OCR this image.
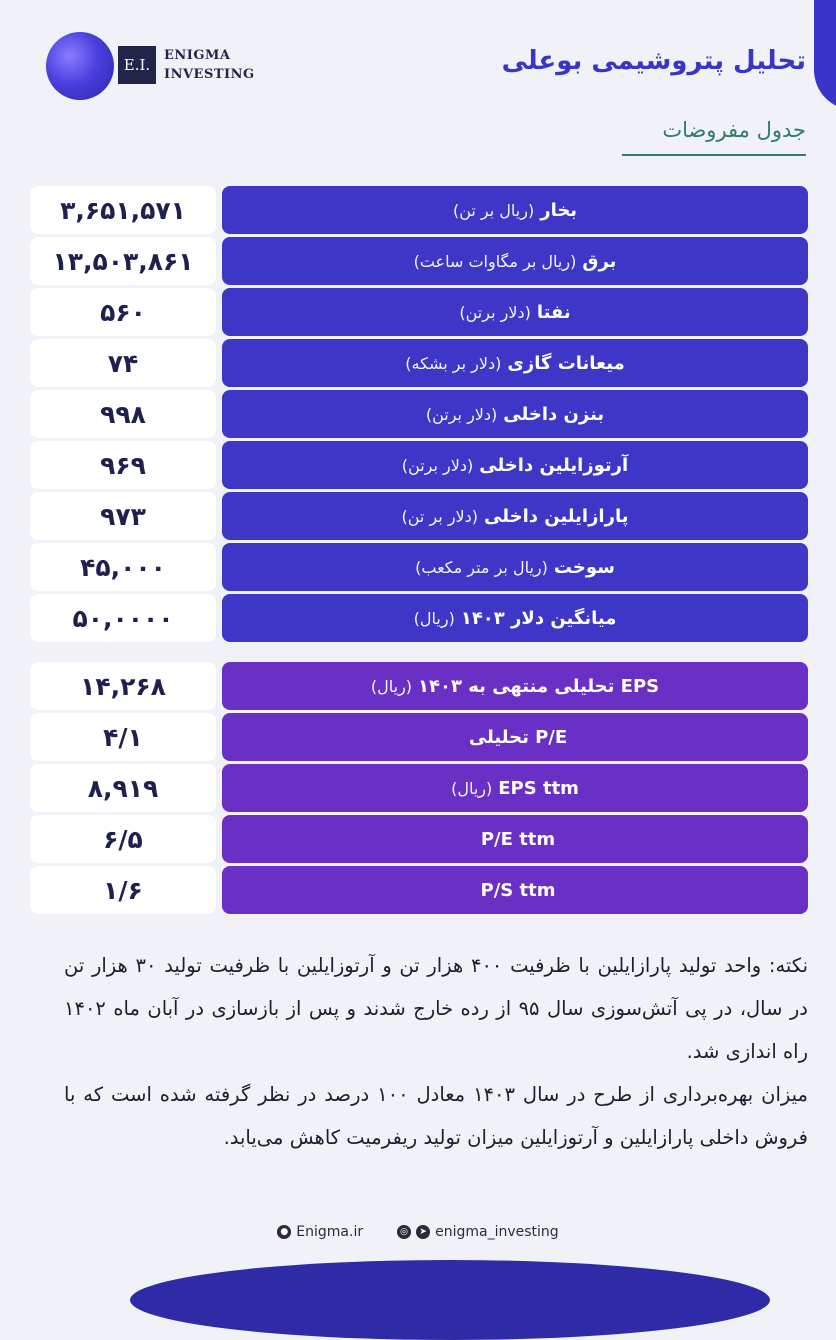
E.I.
ENIGMA
INVESTING	تحلیل پتروشیمی بوعلی
جدول مفروضات
۳,۶۵۱,۵۷۱	بخار
(ریال بر تن)
۱۳,۵۰۳,۸۶۱	برق
(ریال بر مگاوات ساعت)
۵۶۰	نفتا
(دلار برتن)
۷۴	میعانات گازی
(دلار بر بشکه)
۹۹۸	بنزن داخلی
(دلار برتن)
۹۶۹	آرتوزایلین داخلی
(دلار برتن)
۹۷۳	پارازایلین داخلی
(دلار بر تن)
۴۵,۰۰۰	سوخت
(ریال بر متر مکعب)
۵۰,۰۰۰۰	میانگین دلار ۱۴۰۳
(ریال)
۱۴,۲۶۸	EPS تحلیلی منتهی به ۱۴۰۳
(ریال)
۴/۱	P/E تحلیلی
۸,۹۱۹	EPS ttm
(ریال)
۶/۵	P/E ttm
۱/۶	P/S ttm

نکته: واحد تولید پارازایلین با ظرفیت ۴۰۰ هزار تن و آرتوزایلین با ظرفیت تولید ۳۰ هزار تن در سال، در پی آتش‌سوزی سال ۹۵ از رده خارج شدند و پس از بازسازی در آبان ماه ۱۴۰۲ راه اندازی شد.

میزان بهره‌برداری از طرح در سال ۱۴۰۳ معادل ۱۰۰ درصد در نظر گرفته شده است که با فروش داخلی پارازایلین و آرتوزایلین میزان تولید ریفرمیت کاهش می‌یابد.

● Enigma.ir	◎	➤ enigma_investing
